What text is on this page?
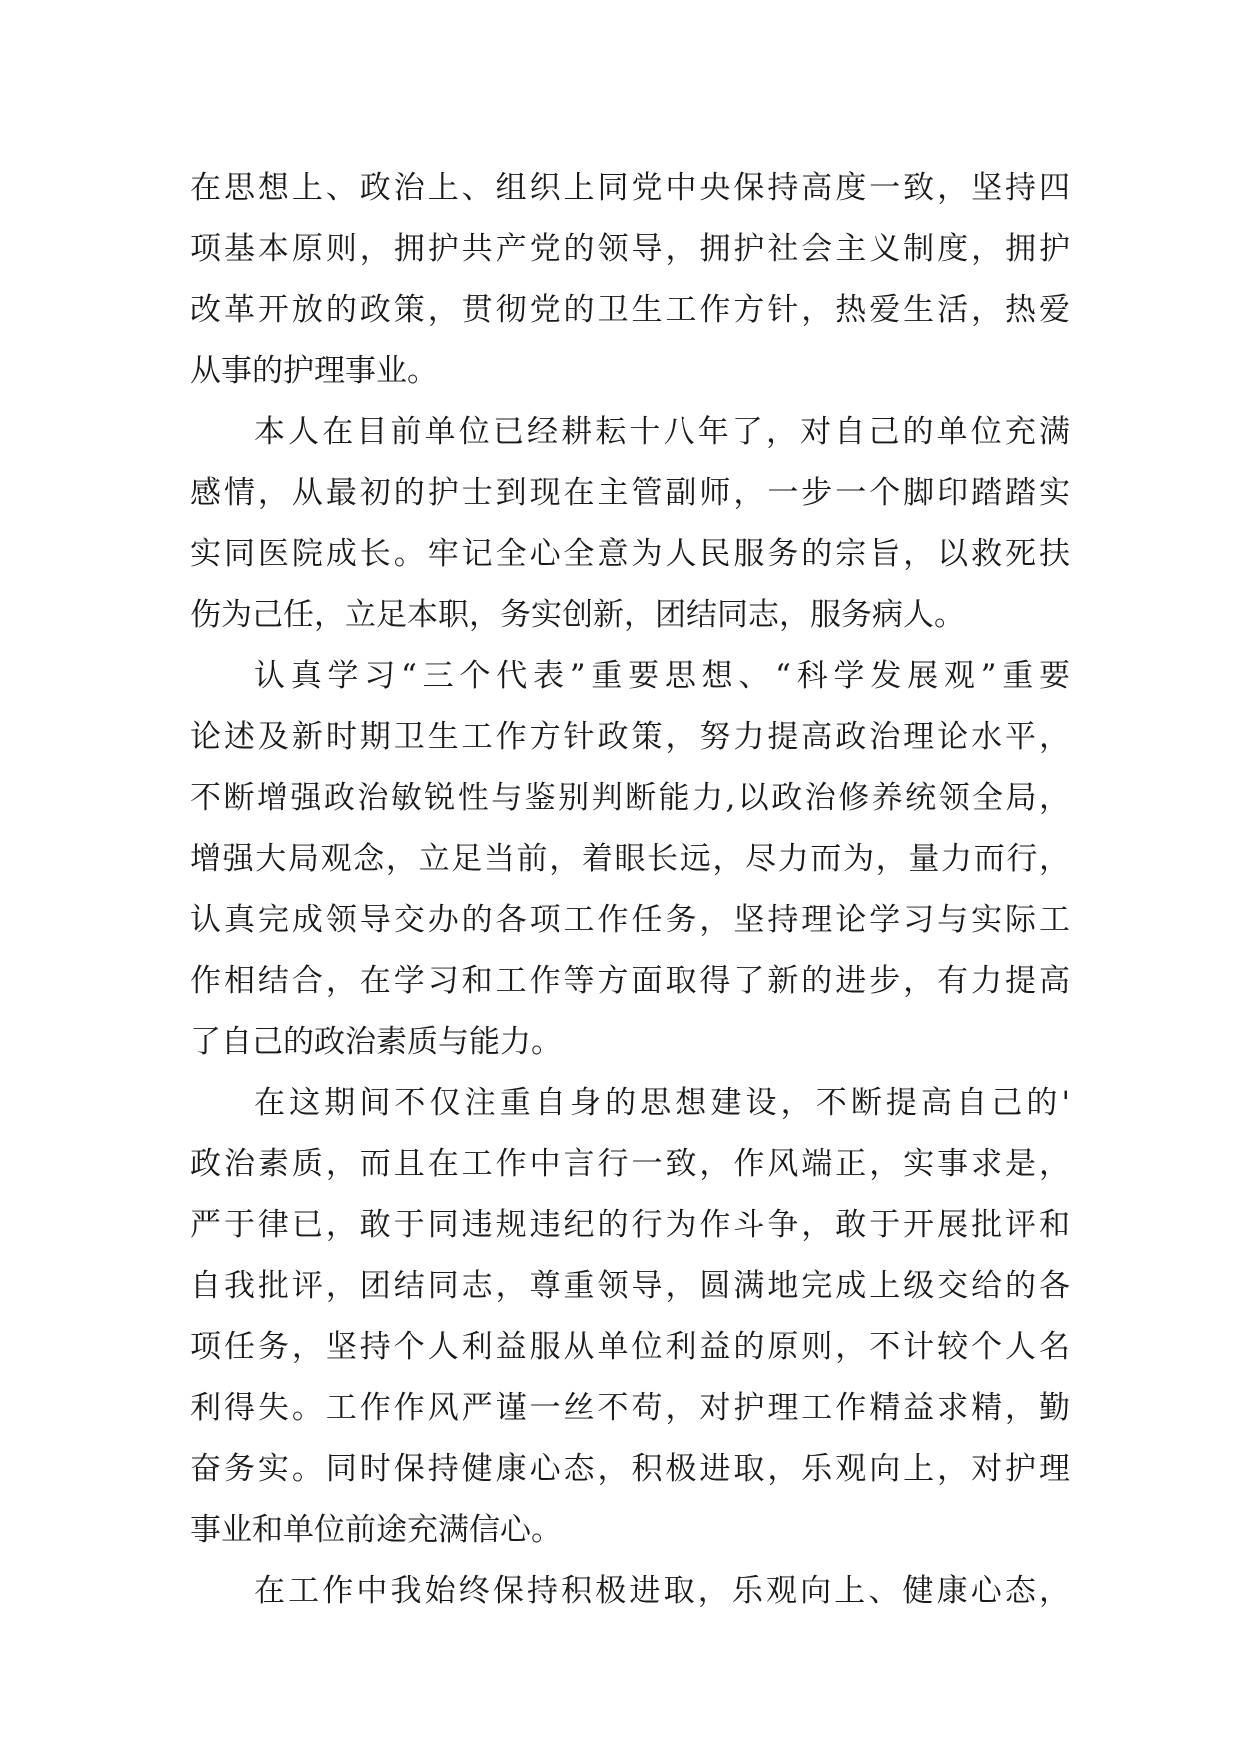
在思想上、政治上、组织上同党中央保持高度一致，坚持四
项基本原则，拥护共产党的领导，拥护社会主义制度，拥护
改革开放的政策，贯彻党的卫生工作方针，热爱生活，热爱
从事的护理事业。
本人在目前单位已经耕耘十八年了，对自己的单位充满
感情，从最初的护士到现在主管副师，一步一个脚印踏踏实
实同医院成长。牢记全心全意为人民服务的宗旨，以救死扶
伤为己任，立足本职，务实创新，团结同志，服务病人。
认真学习“三个代表”重要思想、“科学发展观”重要
论述及新时期卫生工作方针政策，努力提高政治理论水平，
不断增强政治敏锐性与鉴别判断能力,以政治修养统领全局，
增强大局观念，立足当前，着眼长远，尽力而为，量力而行，
认真完成领导交办的各项工作任务，坚持理论学习与实际工
作相结合，在学习和工作等方面取得了新的进步，有力提高
了自己的政治素质与能力。
在这期间不仅注重自身的思想建设，不断提高自己的'
政治素质，而且在工作中言行一致，作风端正，实事求是，
严于律已，敢于同违规违纪的行为作斗争，敢于开展批评和
自我批评，团结同志，尊重领导，圆满地完成上级交给的各
项任务，坚持个人利益服从单位利益的原则，不计较个人名
利得失。工作作风严谨一丝不苟，对护理工作精益求精，勤
奋务实。同时保持健康心态，积极进取，乐观向上，对护理
事业和单位前途充满信心。
在工作中我始终保持积极进取，乐观向上、健康心态，
